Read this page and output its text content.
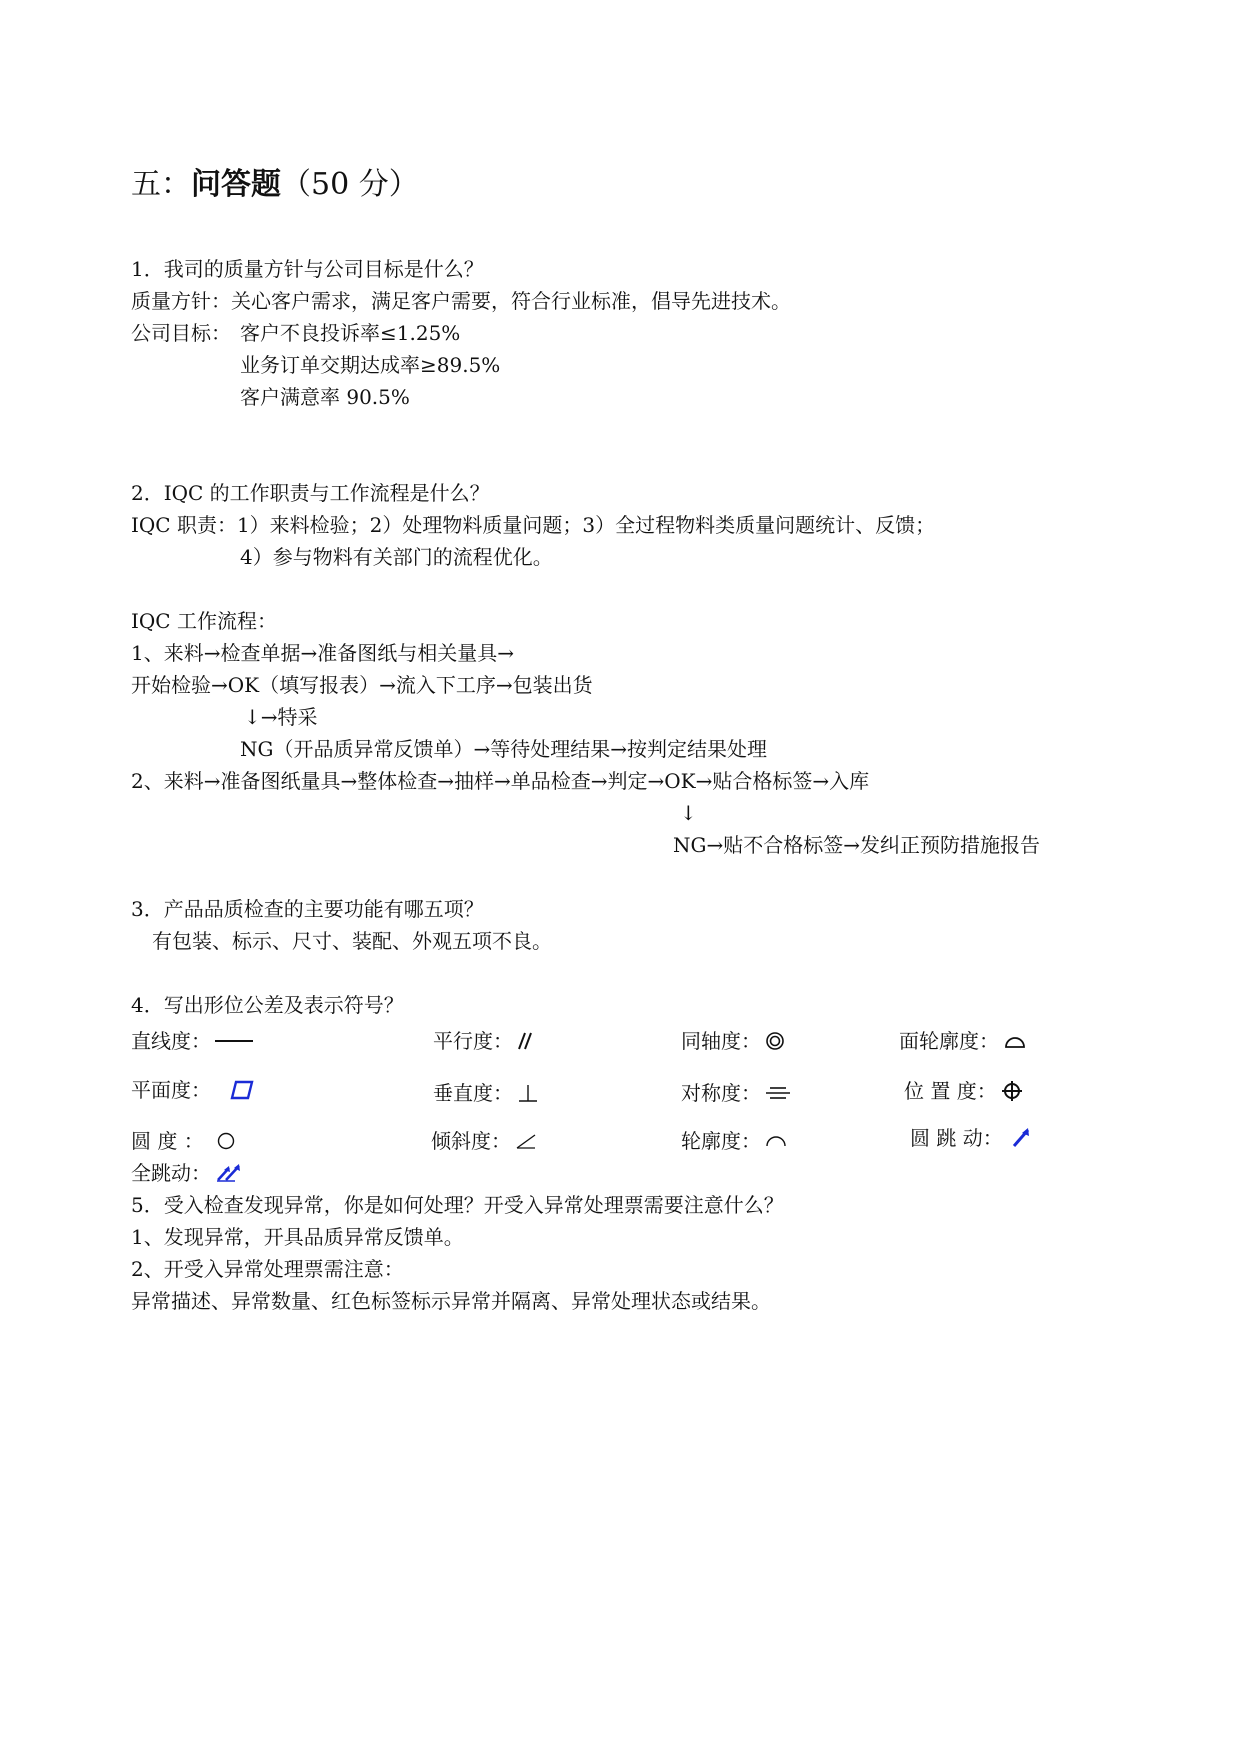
五：问答题（50 分）
1．我司的质量方针与公司目标是什么？
质量方针：关心客户需求，满足客户需要，符合行业标准，倡导先进技术。
公司目标： 客户不良投诉率≤1.25%
业务订单交期达成率≥89.5%
客户满意率 90.5%
2．IQC 的工作职责与工作流程是什么？
IQC 职责：1）来料检验；2）处理物料质量问题；3）全过程物料类质量问题统计、反馈；
4）参与物料有关部门的流程优化。
IQC 工作流程：
1、来料→检查单据→准备图纸与相关量具→
开始检验→OK（填写报表）→流入下工序→包装出货
↓→特采
NG（开品质异常反馈单）→等待处理结果→按判定结果处理
2、来料→准备图纸量具→整体检查→抽样→单品检查→判定→OK→贴合格标签→入库
↓
NG→贴不合格标签→发纠正预防措施报告
3．产品品质检查的主要功能有哪五项？
有包装、标示、尺寸、装配、外观五项不良。
4．写出形位公差及表示符号？
直线度：	平行度：	同轴度：	面轮廓度：
平面度：	垂直度：	对称度：	位 置 度：
圆 度 ：	倾斜度：	轮廓度：	圆 跳 动：
全跳动：
5．受入检查发现异常，你是如何处理？开受入异常处理票需要注意什么？
1、发现异常，开具品质异常反馈单。
2、开受入异常处理票需注意：
异常描述、异常数量、红色标签标示异常并隔离、异常处理状态或结果。
